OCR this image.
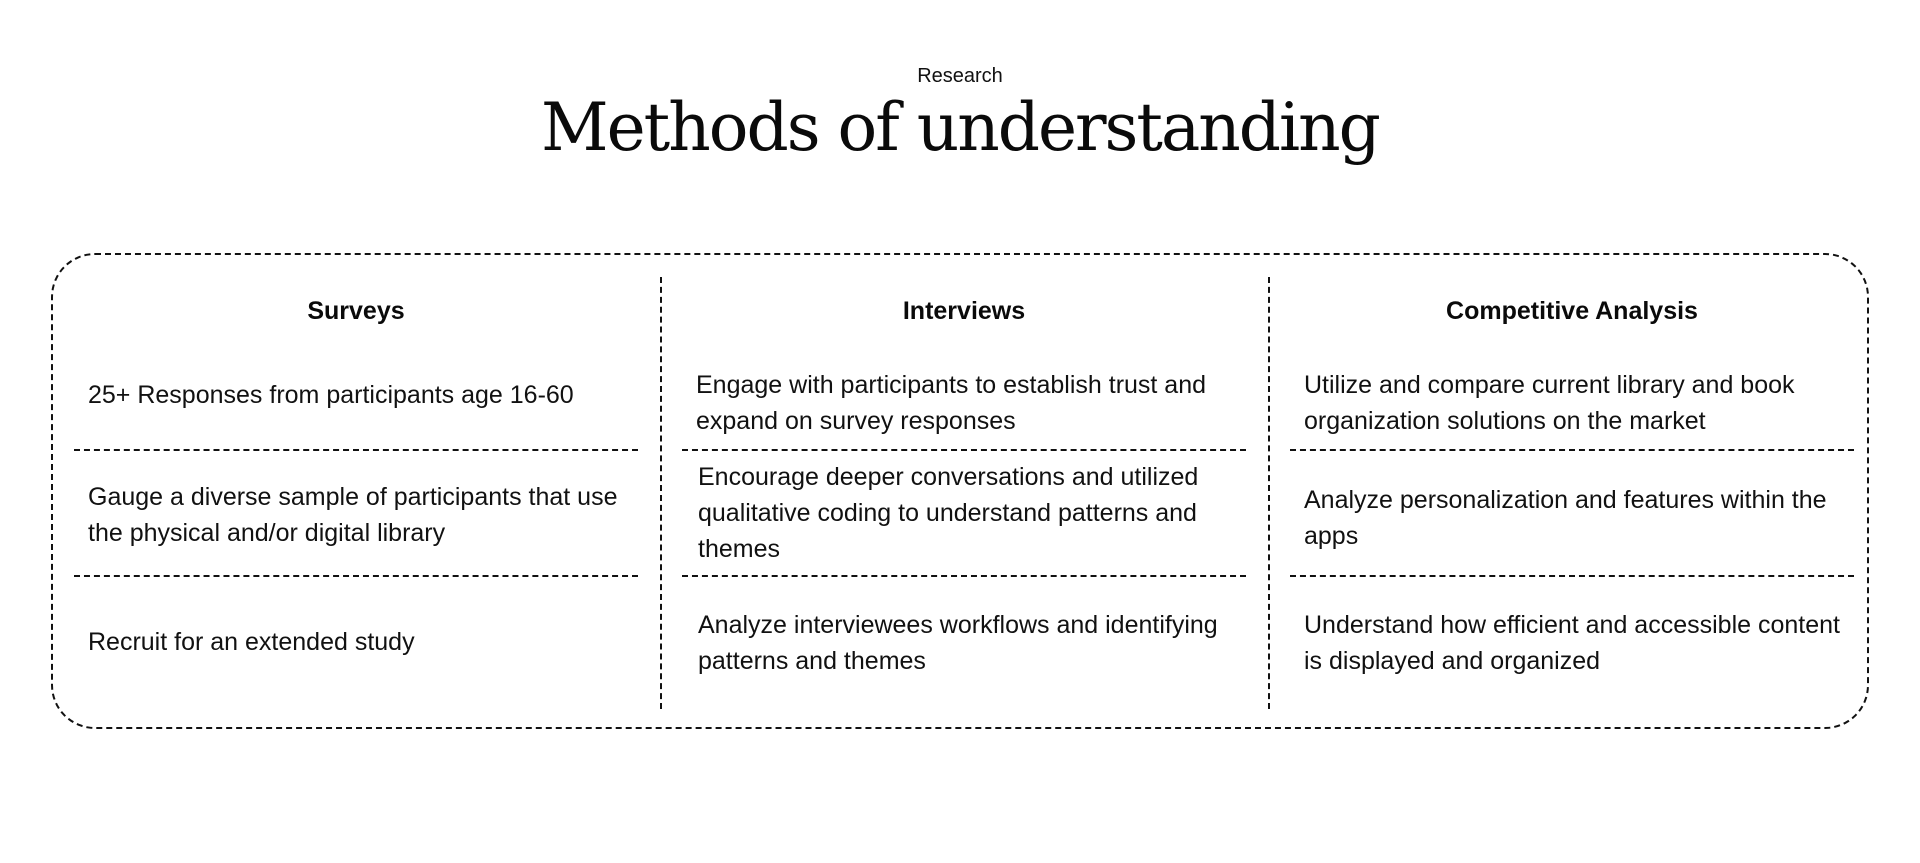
Research
Methods of understanding
Surveys
25+ Responses from participants age 16-60
Gauge a diverse sample of participants that use the physical and/or digital library
Recruit for an extended study
Interviews
Engage with participants to establish trust and expand on survey responses
Encourage deeper conversations and utilized qualitative coding to understand patterns and themes
Analyze interviewees workflows and identifying patterns and themes
Competitive Analysis
Utilize and compare current library and book organization solutions on the market
Analyze personalization and features within the apps
Understand how efficient and accessible content is displayed and organized
